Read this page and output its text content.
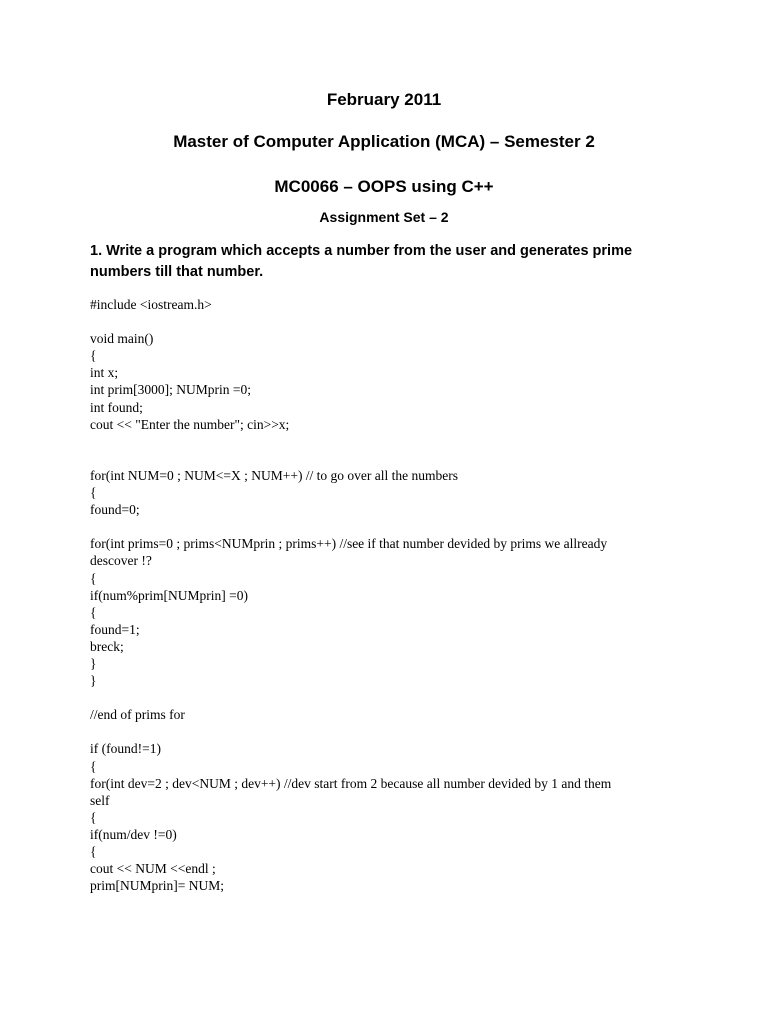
February 2011
Master of Computer Application (MCA) – Semester 2
MC0066 – OOPS using C++
Assignment Set – 2

1. Write a program which accepts a number from the user and generates prime numbers till that number.

#include <iostream.h>
void main()
{
int x;
int prim[3000]; NUMprin =0;
int found;
cout << "Enter the number"; cin>>x;
for(int NUM=0 ; NUM<=X ; NUM++) // to go over all the numbers
{
found=0;
for(int prims=0 ; prims<NUMprin ; prims++) //see if that number devided by prims we allready
descover !?
{
if(num%prim[NUMprin] =0)
{
found=1;
breck;
}
}
//end of prims for
if (found!=1)
{
for(int dev=2 ; dev<NUM ; dev++) //dev start from 2 because all number devided by 1 and them
self
{
if(num/dev !=0)
{
cout << NUM <<endl ;
prim[NUMprin]= NUM;
